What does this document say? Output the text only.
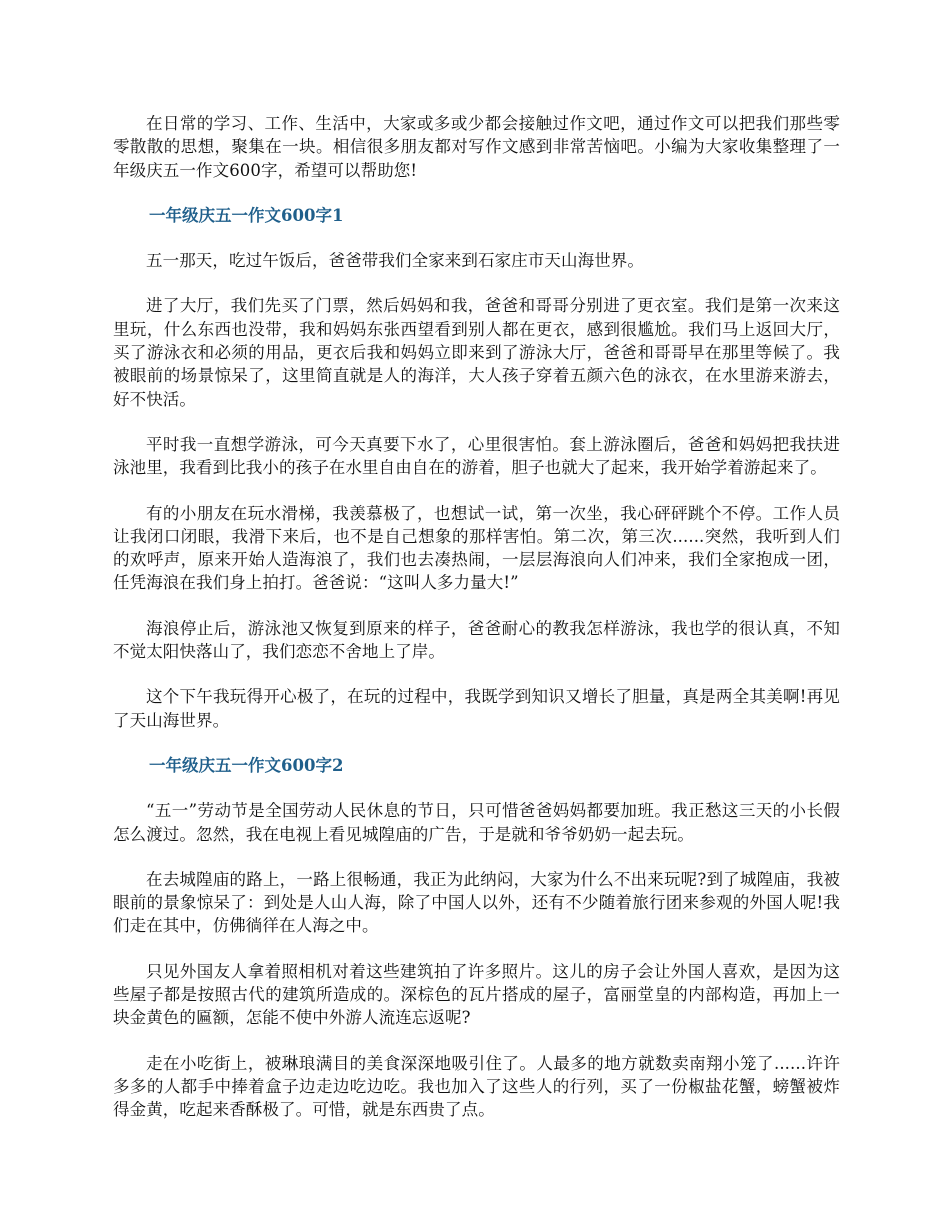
在日常的学习、工作、生活中，大家或多或少都会接触过作文吧，通过作文可以把我们那些零零散散的思想，聚集在一块。相信很多朋友都对写作文感到非常苦恼吧。小编为大家收集整理了一年级庆五一作文600字，希望可以帮助您!

一年级庆五一作文600字1

五一那天，吃过午饭后，爸爸带我们全家来到石家庄市天山海世界。

进了大厅，我们先买了门票，然后妈妈和我，爸爸和哥哥分别进了更衣室。我们是第一次来这里玩，什么东西也没带，我和妈妈东张西望看到别人都在更衣，感到很尴尬。我们马上返回大厅，买了游泳衣和必须的用品，更衣后我和妈妈立即来到了游泳大厅，爸爸和哥哥早在那里等候了。我被眼前的场景惊呆了，这里简直就是人的海洋，大人孩子穿着五颜六色的泳衣，在水里游来游去，好不快活。

平时我一直想学游泳，可今天真要下水了，心里很害怕。套上游泳圈后，爸爸和妈妈把我扶进泳池里，我看到比我小的孩子在水里自由自在的游着，胆子也就大了起来，我开始学着游起来了。

有的小朋友在玩水滑梯，我羡慕极了，也想试一试，第一次坐，我心砰砰跳个不停。工作人员让我闭口闭眼，我滑下来后，也不是自己想象的那样害怕。第二次，第三次......突然，我听到人们的欢呼声，原来开始人造海浪了，我们也去凑热闹，一层层海浪向人们冲来，我们全家抱成一团，任凭海浪在我们身上拍打。爸爸说：“这叫人多力量大!”

海浪停止后，游泳池又恢复到原来的样子，爸爸耐心的教我怎样游泳，我也学的很认真，不知不觉太阳快落山了，我们恋恋不舍地上了岸。

这个下午我玩得开心极了，在玩的过程中，我既学到知识又增长了胆量，真是两全其美啊!再见了天山海世界。

一年级庆五一作文600字2

“五一”劳动节是全国劳动人民休息的节日，只可惜爸爸妈妈都要加班。我正愁这三天的小长假怎么渡过。忽然，我在电视上看见城隍庙的广告，于是就和爷爷奶奶一起去玩。

在去城隍庙的路上，一路上很畅通，我正为此纳闷，大家为什么不出来玩呢?到了城隍庙，我被眼前的景象惊呆了：到处是人山人海，除了中国人以外，还有不少随着旅行团来参观的外国人呢!我们走在其中，仿佛徜徉在人海之中。

只见外国友人拿着照相机对着这些建筑拍了许多照片。这儿的房子会让外国人喜欢，是因为这些屋子都是按照古代的建筑所造成的。深棕色的瓦片搭成的屋子，富丽堂皇的内部构造，再加上一块金黄色的匾额，怎能不使中外游人流连忘返呢?

走在小吃街上，被琳琅满目的美食深深地吸引住了。人最多的地方就数卖南翔小笼了......许许多多的人都手中捧着盒子边走边吃边吃。我也加入了这些人的行列，买了一份椒盐花蟹，螃蟹被炸得金黄，吃起来香酥极了。可惜，就是东西贵了点。
